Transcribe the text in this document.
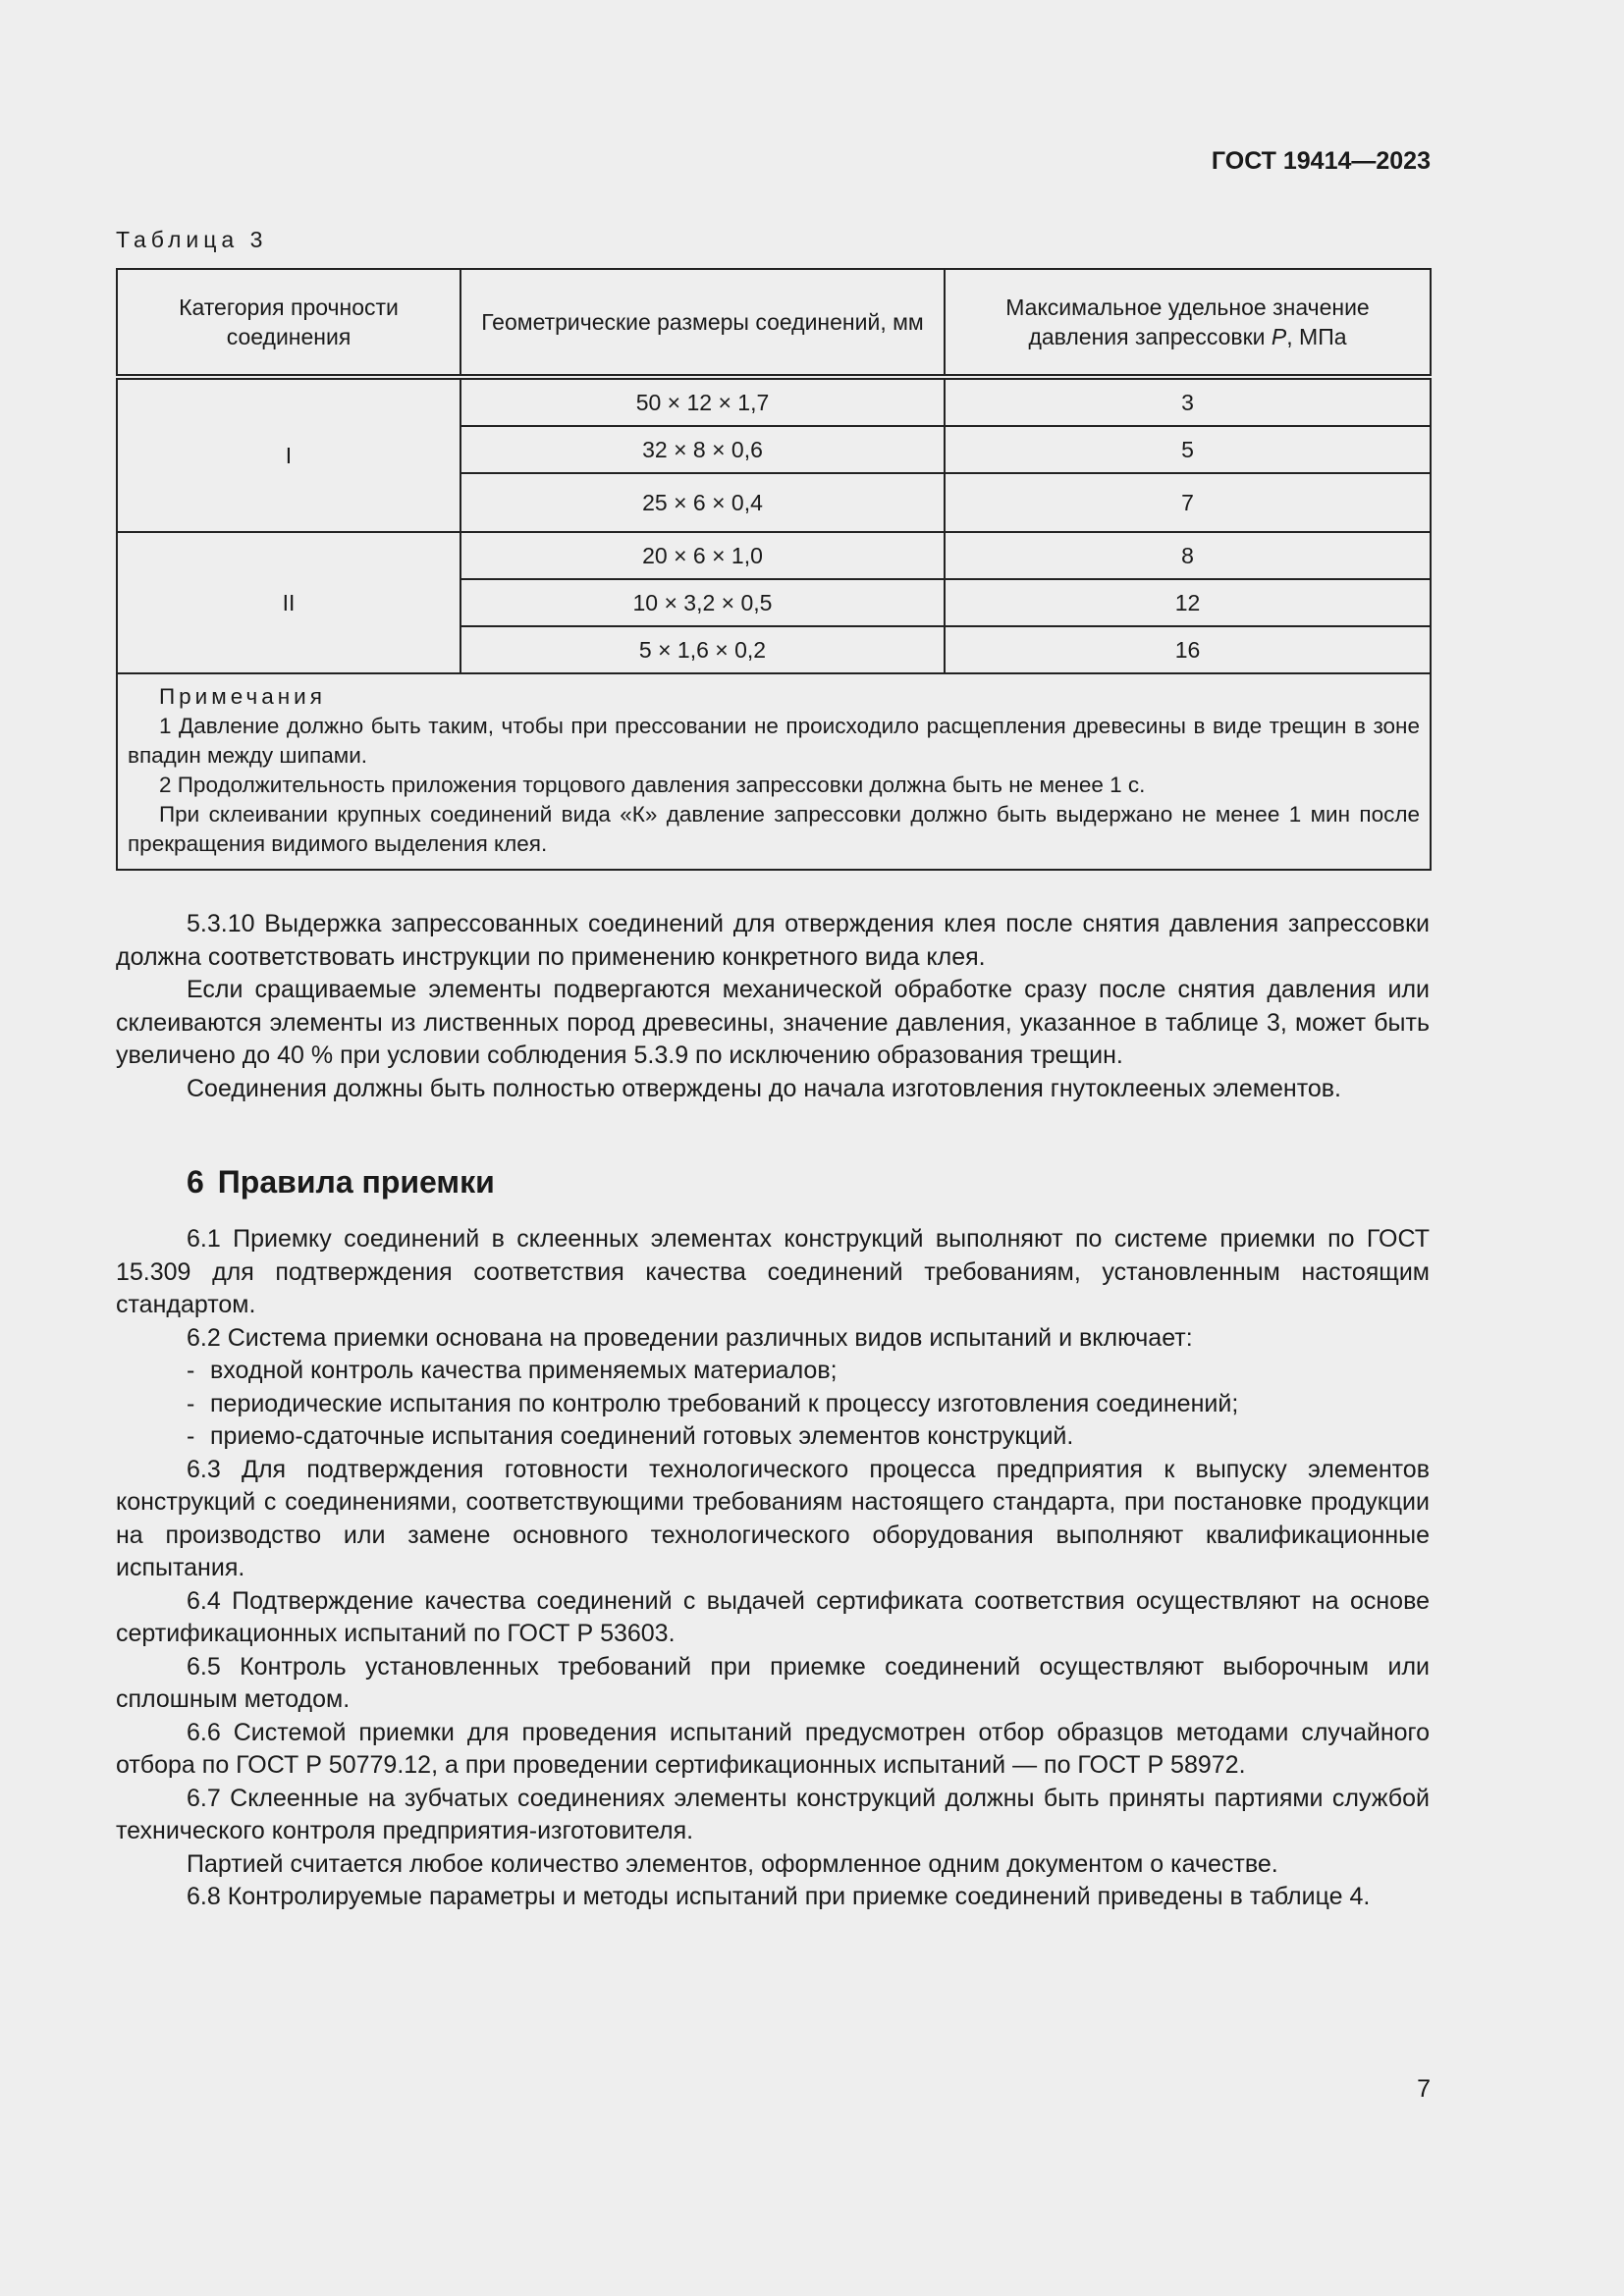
ГОСТ 19414—2023
Таблица 3
Категория прочности соединения	Геометрические размеры соединений, мм	Максимальное удельное значение давления запрессовки P, МПа
I	50 × 12 × 1,7	3
	32 × 8 × 0,6	5
	25 × 6 × 0,4	7
II	20 × 6 × 1,0	8
	10 × 3,2 × 0,5	12
	5 × 1,6 × 0,2	16

Примечания
1 Давление должно быть таким, чтобы при прессовании не происходило расщепления древесины в виде трещин в зоне впадин между шипами.
2 Продолжительность приложения торцового давления запрессовки должна быть не менее 1 с.
При склеивании крупных соединений вида «К» давление запрессовки должно быть выдержано не менее 1 мин после прекращения видимого выделения клея.		

5.3.10 Выдержка запрессованных соединений для отверждения клея после снятия давления запрессовки должна соответствовать инструкции по применению конкретного вида клея.

Если сращиваемые элементы подвергаются механической обработке сразу после снятия давления или склеиваются элементы из лиственных пород древесины, значение давления, указанное в таблице 3, может быть увеличено до 40 % при условии соблюдения 5.3.9 по исключению образования трещин.

Соединения должны быть полностью отверждены до начала изготовления гнутоклееных элементов.

6 Правила приемки

6.1 Приемку соединений в склеенных элементах конструкций выполняют по системе приемки по ГОСТ 15.309 для подтверждения соответствия качества соединений требованиям, установленным настоящим стандартом.

6.2 Система приемки основана на проведении различных видов испытаний и включает:

- входной контроль качества применяемых материалов;

- периодические испытания по контролю требований к процессу изготовления соединений;

- приемо-сдаточные испытания соединений готовых элементов конструкций.

6.3 Для подтверждения готовности технологического процесса предприятия к выпуску элементов конструкций с соединениями, соответствующими требованиям настоящего стандарта, при постановке продукции на производство или замене основного технологического оборудования выполняют квалификационные испытания.

6.4 Подтверждение качества соединений с выдачей сертификата соответствия осуществляют на основе сертификационных испытаний по ГОСТ Р 53603.

6.5 Контроль установленных требований при приемке соединений осуществляют выборочным или сплошным методом.

6.6 Системой приемки для проведения испытаний предусмотрен отбор образцов методами случайного отбора по ГОСТ Р 50779.12, а при проведении сертификационных испытаний — по ГОСТ Р 58972.

6.7 Склеенные на зубчатых соединениях элементы конструкций должны быть приняты партиями службой технического контроля предприятия-изготовителя.

Партией считается любое количество элементов, оформленное одним документом о качестве.

6.8 Контролируемые параметры и методы испытаний при приемке соединений приведены в таблице 4.

7
